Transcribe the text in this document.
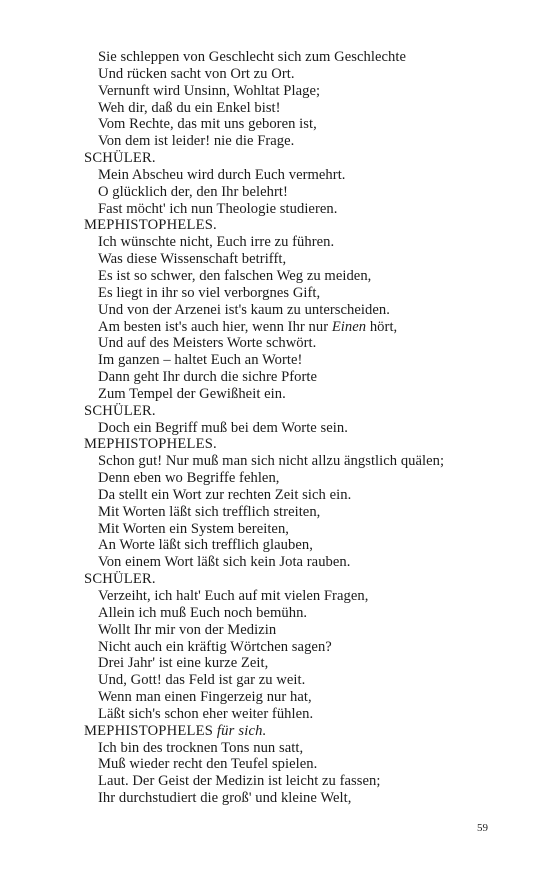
Sie schleppen von Geschlecht sich zum Geschlechte
Und rücken sacht von Ort zu Ort.
Vernunft wird Unsinn, Wohltat Plage;
Weh dir, daß du ein Enkel bist!
Vom Rechte, das mit uns geboren ist,
Von dem ist leider! nie die Frage.
SCHÜLER.
Mein Abscheu wird durch Euch vermehrt.
O glücklich der, den Ihr belehrt!
Fast möcht' ich nun Theologie studieren.
MEPHISTOPHELES.
Ich wünschte nicht, Euch irre zu führen.
Was diese Wissenschaft betrifft,
Es ist so schwer, den falschen Weg zu meiden,
Es liegt in ihr so viel verborgnes Gift,
Und von der Arzenei ist's kaum zu unterscheiden.
Am besten ist's auch hier, wenn Ihr nur Einen hört,
Und auf des Meisters Worte schwört.
Im ganzen – haltet Euch an Worte!
Dann geht Ihr durch die sichre Pforte
Zum Tempel der Gewißheit ein.
SCHÜLER.
Doch ein Begriff muß bei dem Worte sein.
MEPHISTOPHELES.
Schon gut! Nur muß man sich nicht allzu ängstlich quälen;
Denn eben wo Begriffe fehlen,
Da stellt ein Wort zur rechten Zeit sich ein.
Mit Worten läßt sich trefflich streiten,
Mit Worten ein System bereiten,
An Worte läßt sich trefflich glauben,
Von einem Wort läßt sich kein Jota rauben.
SCHÜLER.
Verzeiht, ich halt' Euch auf mit vielen Fragen,
Allein ich muß Euch noch bemühn.
Wollt Ihr mir von der Medizin
Nicht auch ein kräftig Wörtchen sagen?
Drei Jahr' ist eine kurze Zeit,
Und, Gott! das Feld ist gar zu weit.
Wenn man einen Fingerzeig nur hat,
Läßt sich's schon eher weiter fühlen.
MEPHISTOPHELES für sich.
Ich bin des trocknen Tons nun satt,
Muß wieder recht den Teufel spielen.
Laut. Der Geist der Medizin ist leicht zu fassen;
Ihr durchstudiert die groß' und kleine Welt,
59
